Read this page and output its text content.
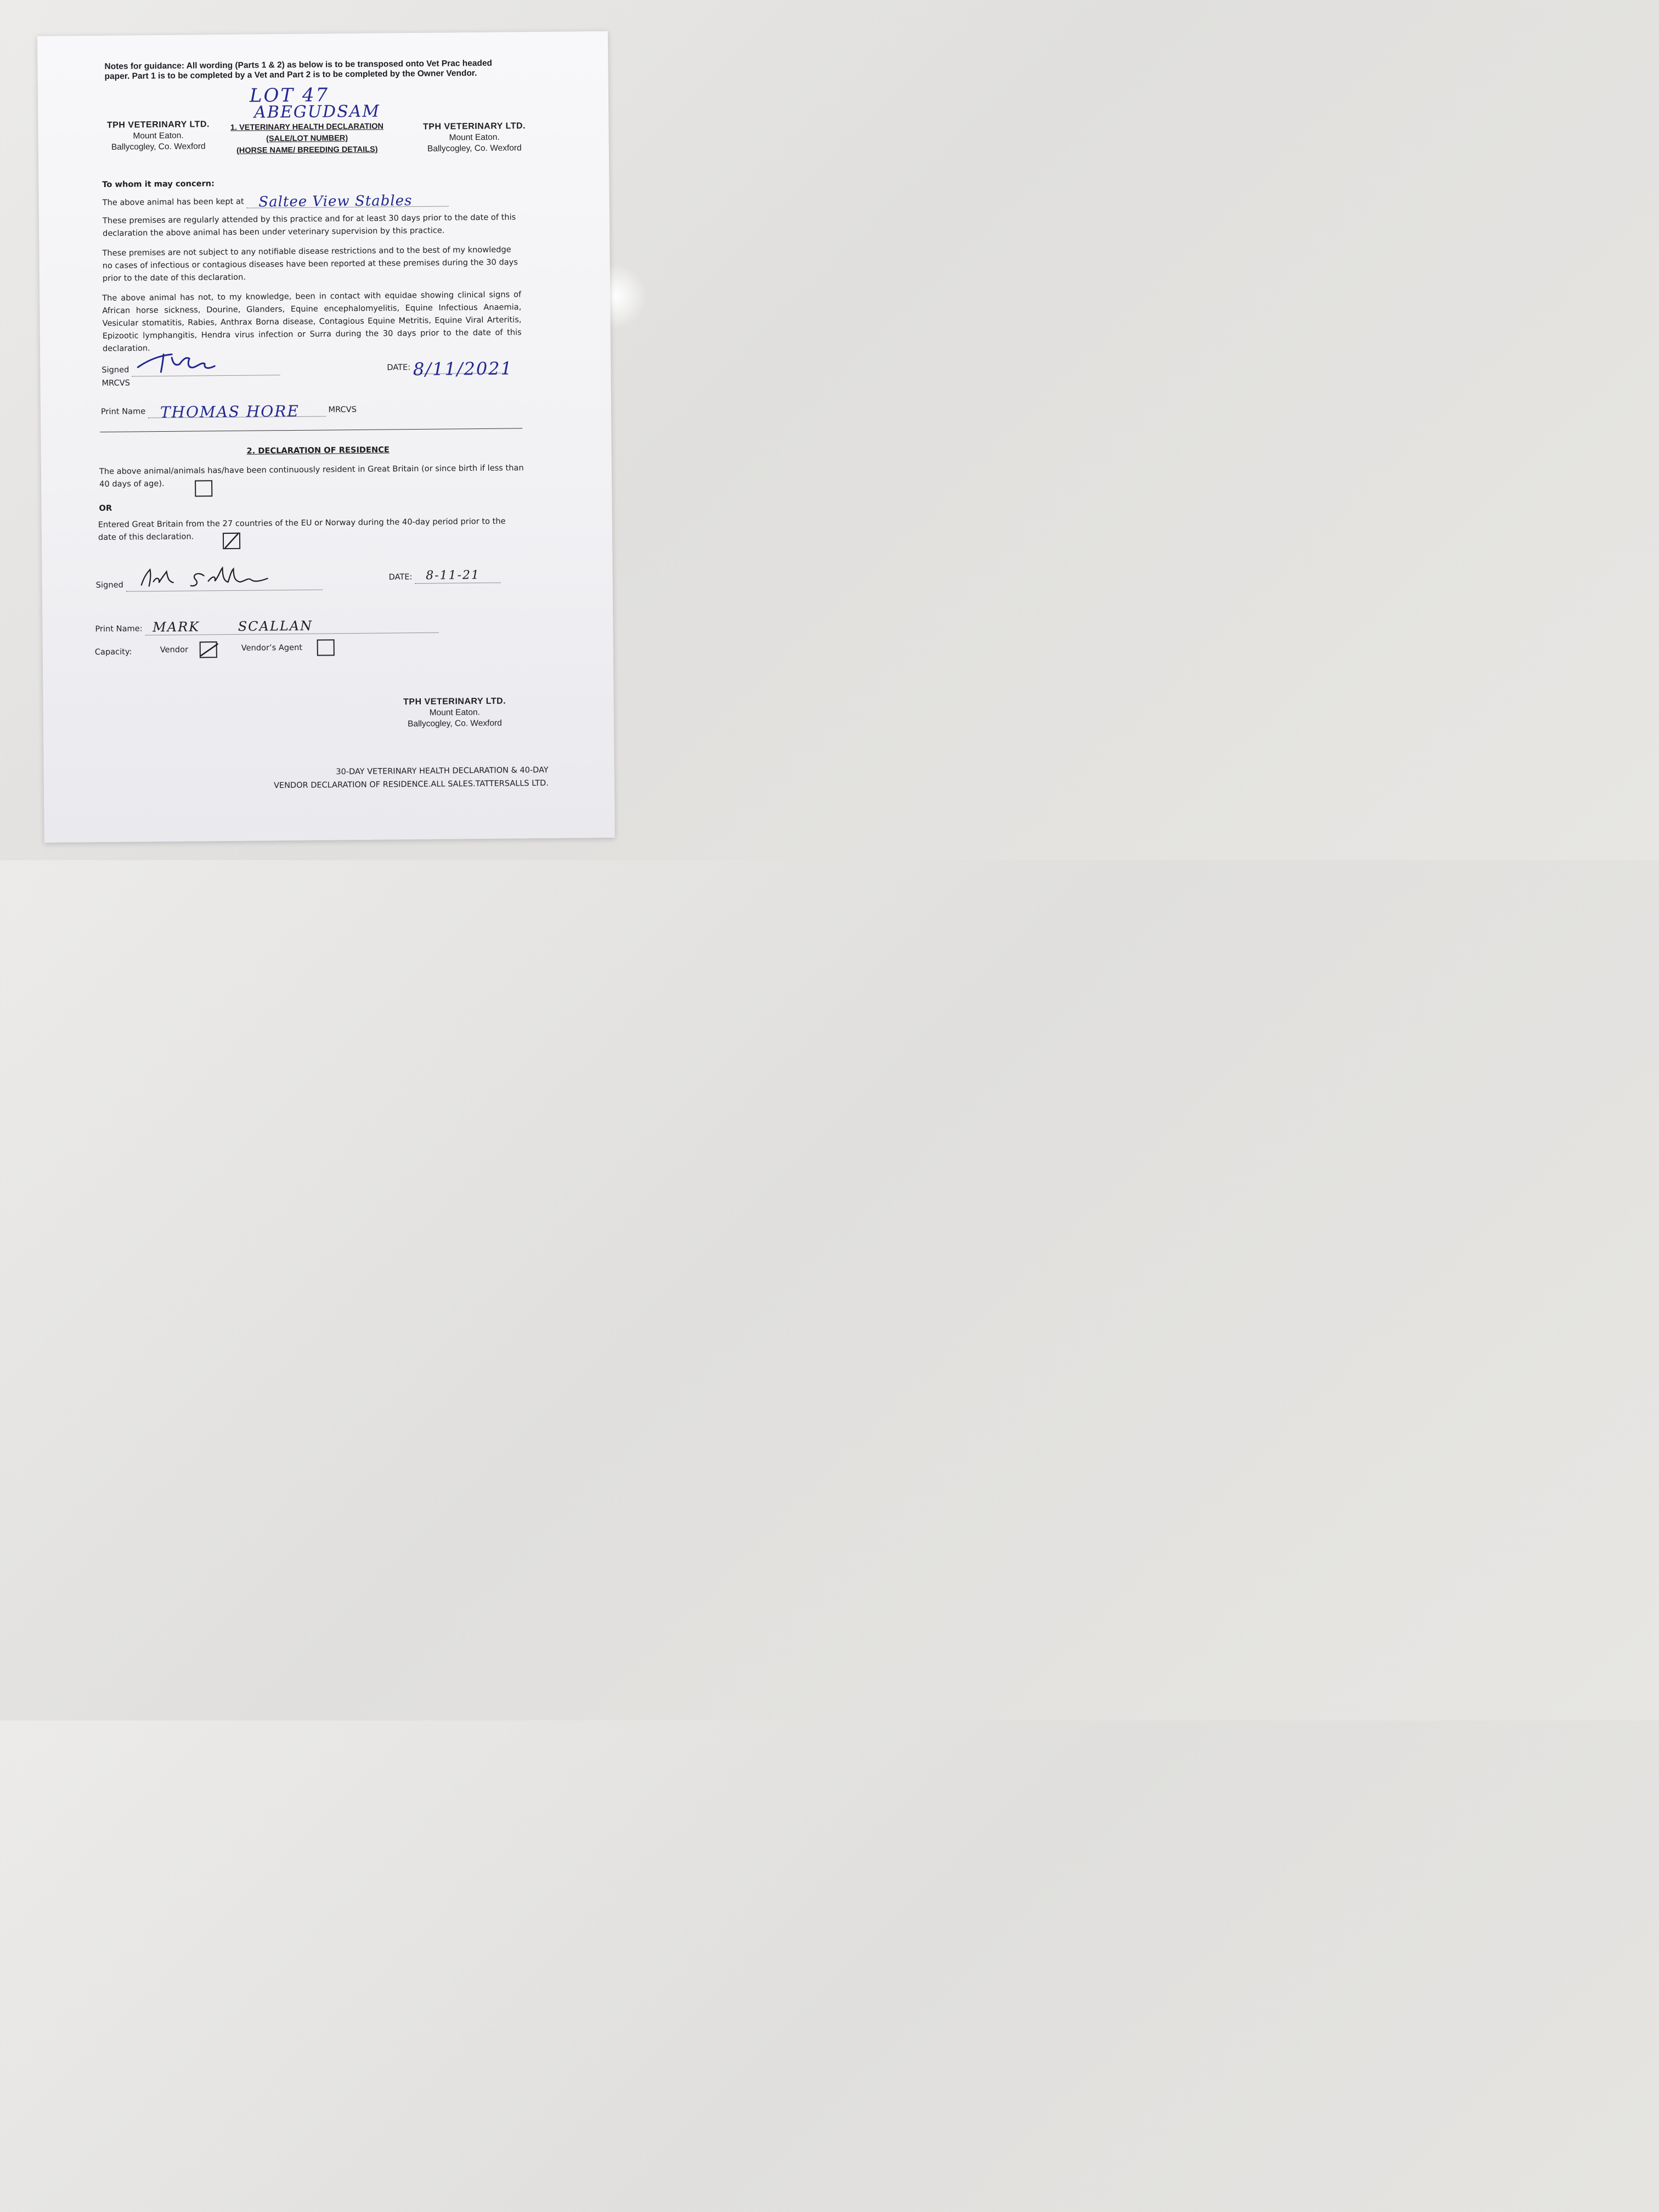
Notes for guidance: All wording (Parts 1 & 2) as below is to be transposed onto Vet Prac headed paper. Part 1 is to be completed by a Vet and Part 2 is to be completed by the Owner Vendor.
LOT 47
ABEGUDSAM
TPH VETERINARY LTD.
Mount Eaton.
Ballycogley, Co. Wexford
1. VETERINARY HEALTH DECLARATION
(SALE/LOT NUMBER)
(HORSE NAME/ BREEDING DETAILS)
TPH VETERINARY LTD.
Mount Eaton.
Ballycogley, Co. Wexford
To whom it may concern:
The above animal has been kept at Saltee View Stables

These premises are regularly attended by this practice and for at least 30 days prior to the date of this declaration the above animal has been under veterinary supervision by this practice.
These premises are not subject to any notifiable disease restrictions and to the best of my knowledge no cases of infectious or contagious diseases have been reported at these premises during the 30 days prior to the date of this declaration.
The above animal has not, to my knowledge, been in contact with equidae showing clinical signs of African horse sickness, Dourine, Glanders, Equine encephalomyelitis, Equine Infectious Anaemia, Vesicular stomatitis, Rabies, Anthrax Borna disease, Contagious Equine Metritis, Equine Viral Arteritis, Epizootic lymphangitis, Hendra virus infection or Surra during the 30 days prior to the date of this declaration.
Signed   MRCVS
DATE: 8/11/2021

Print Name THOMAS HORE	MRCVS
2. DECLARATION OF RESIDENCE
The above animal/animals has/have been continuously resident in Great Britain (or since birth if less than 40 days of age).
OR
Entered Great Britain from the 27 countries of the EU or Norway during the 40-day period prior to the date of this declaration.
Signed
DATE: 8-11-21

Print Name: MARK SCALLAN

Capacity:	Vendor	Vendor’s Agent
TPH VETERINARY LTD.
Mount Eaton.
Ballycogley, Co. Wexford
30-DAY VETERINARY HEALTH DECLARATION & 40-DAY
VENDOR DECLARATION OF RESIDENCE.ALL SALES.TATTERSALLS LTD.
